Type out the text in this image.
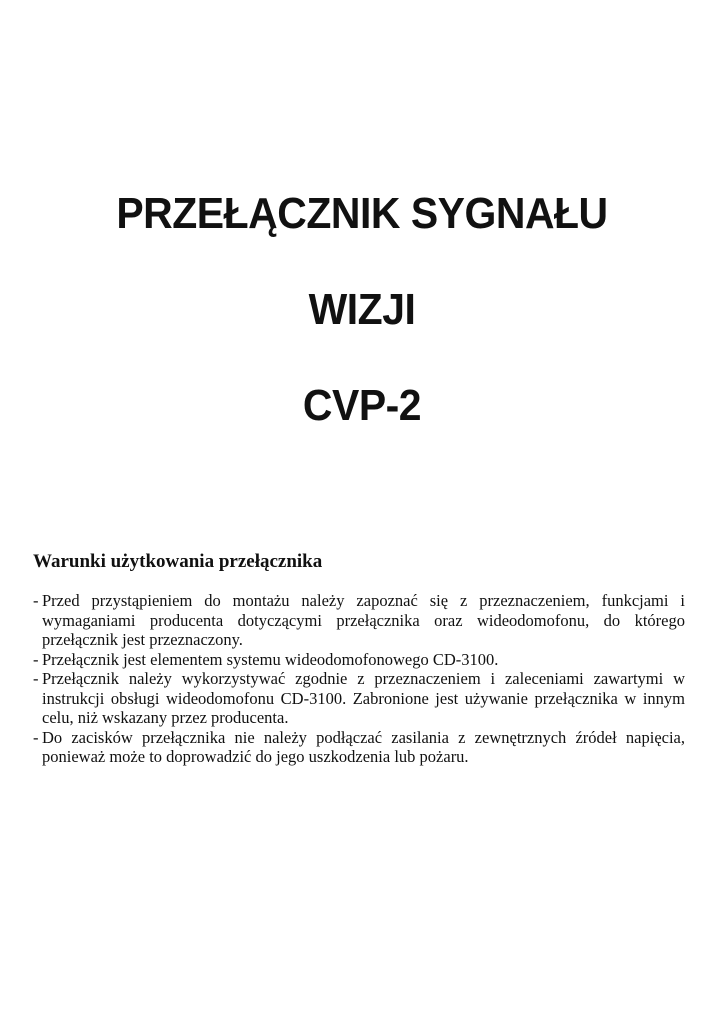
PRZEŁĄCZNIK SYGNAŁU
WIZJI
CVP-2
Warunki użytkowania przełącznika
- Przed przystąpieniem do montażu należy zapoznać się z przeznaczeniem, funkcjami i wymaganiami producenta dotyczącymi przełącznika oraz wideodomofonu, do którego przełącznik jest przeznaczony.
- Przełącznik jest elementem systemu wideodomofonowego CD-3100.
- Przełącznik należy wykorzystywać zgodnie z przeznaczeniem i zaleceniami zawartymi w instrukcji obsługi wideodomofonu CD-3100. Zabronione jest używanie przełącznika w innym celu, niż wskazany przez producenta.
- Do zacisków przełącznika nie należy podłączać zasilania z zewnętrznych źródeł napięcia, ponieważ może to doprowadzić do jego uszkodzenia lub pożaru.
